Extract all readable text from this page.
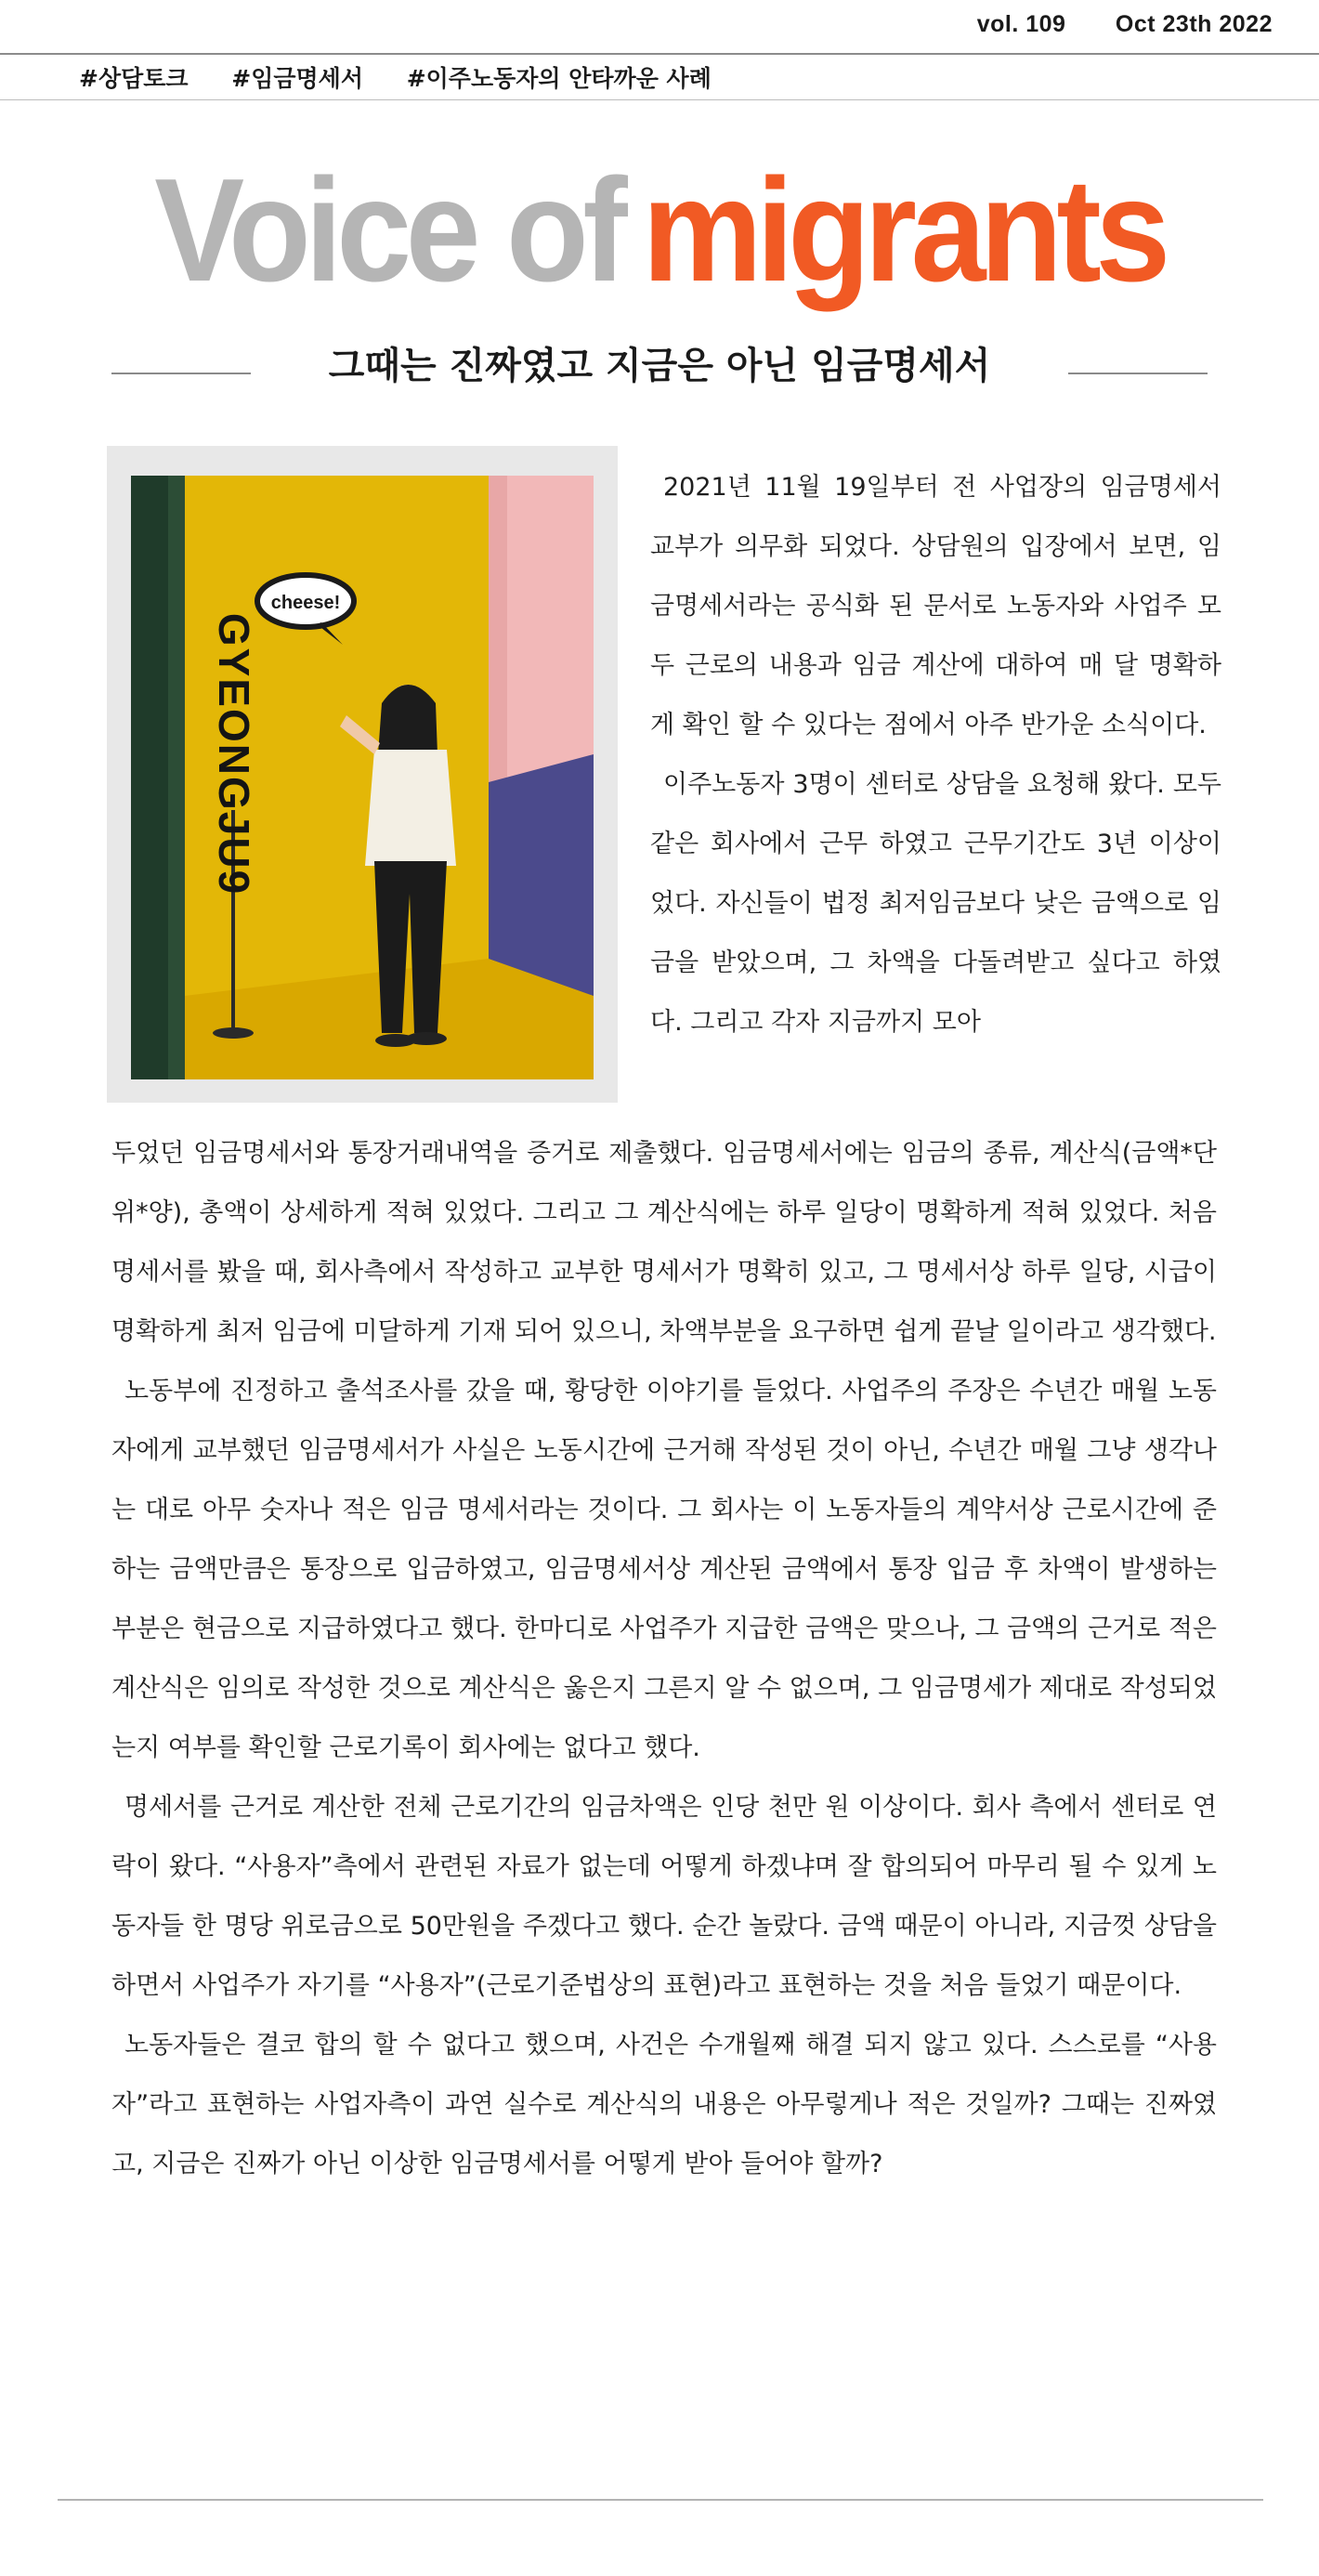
vol. 109 Oct 23th 2022
#상담토크 #임금명세서 #이주노동자의 안타까운 사례
Voice of migrants
그때는 진짜였고 지금은 아닌 임금명세서
cheese!
GYEONGJU9

2021년 11월 19일부터 전 사업장의 임금명세서 교부가 의무화 되었다. 상담원의 입장에서 보면, 임금명세서라는 공식화 된 문서로 노동자와 사업주 모두 근로의 내용과 임금 계산에 대하여 매 달 명확하게 확인 할 수 있다는 점에서 아주 반가운 소식이다.

이주노동자 3명이 센터로 상담을 요청해 왔다. 모두같은 회사에서 근무 하였고 근무기간도 3년 이상이었다. 자신들이 법정 최저임금보다 낮은 금액으로 임금을 받았으며, 그 차액을 다돌려받고 싶다고 하였다. 그리고 각자 지금까지 모아

두었던 임금명세서와 통장거래내역을 증거로 제출했다. 임금명세서에는 임금의 종류, 계산식(금액*단위*양), 총액이 상세하게 적혀 있었다. 그리고 그 계산식에는 하루 일당이 명확하게 적혀 있었다. 처음 명세서를 봤을 때, 회사측에서 작성하고 교부한 명세서가 명확히 있고, 그 명세서상 하루 일당, 시급이 명확하게 최저 임금에 미달하게 기재 되어 있으니, 차액부분을 요구하면 쉽게 끝날 일이라고 생각했다.

노동부에 진정하고 출석조사를 갔을 때, 황당한 이야기를 들었다. 사업주의 주장은 수년간 매월 노동자에게 교부했던 임금명세서가 사실은 노동시간에 근거해 작성된 것이 아닌, 수년간 매월 그냥 생각나는 대로 아무 숫자나 적은 임금 명세서라는 것이다. 그 회사는 이 노동자들의 계약서상 근로시간에 준하는 금액만큼은 통장으로 입금하였고, 임금명세서상 계산된 금액에서 통장 입금 후 차액이 발생하는 부분은 현금으로 지급하였다고 했다. 한마디로 사업주가 지급한 금액은 맞으나, 그 금액의 근거로 적은 계산식은 임의로 작성한 것으로 계산식은 옳은지 그른지 알 수 없으며, 그 임금명세가 제대로 작성되었는지 여부를 확인할 근로기록이 회사에는 없다고 했다.

명세서를 근거로 계산한 전체 근로기간의 임금차액은 인당 천만 원 이상이다. 회사 측에서 센터로 연락이 왔다. “사용자”측에서 관련된 자료가 없는데 어떻게 하겠냐며 잘 합의되어 마무리 될 수 있게 노동자들 한 명당 위로금으로 50만원을 주겠다고 했다. 순간 놀랐다. 금액 때문이 아니라, 지금껏 상담을 하면서 사업주가 자기를 “사용자”(근로기준법상의 표현)라고 표현하는 것을 처음 들었기 때문이다.

노동자들은 결코 합의 할 수 없다고 했으며, 사건은 수개월째 해결 되지 않고 있다. 스스로를 “사용자”라고 표현하는 사업자측이 과연 실수로 계산식의 내용은 아무렇게나 적은 것일까? 그때는 진짜였고, 지금은 진짜가 아닌 이상한 임금명세서를 어떻게 받아 들어야 할까?
